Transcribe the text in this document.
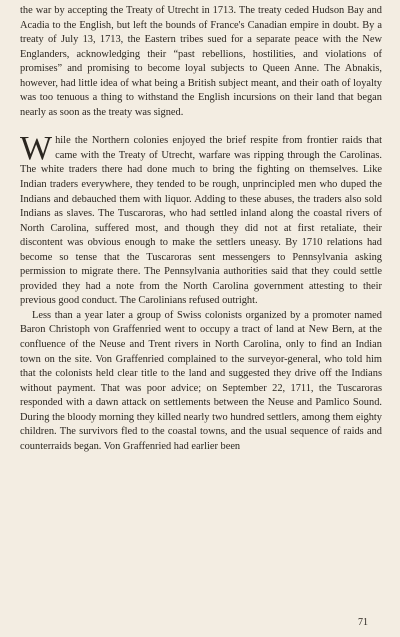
the war by accepting the Treaty of Utrecht in 1713. The treaty ceded Hudson Bay and Acadia to the English, but left the bounds of France's Canadian empire in doubt. By a treaty of July 13, 1713, the Eastern tribes sued for a separate peace with the New Englanders, acknowledging their “past rebellions, hostilities, and violations of promises” and promising to become loyal subjects to Queen Anne. The Abnakis, however, had little idea of what being a British subject meant, and their oath of loyalty was too tenuous a thing to withstand the English incursions on their land that began nearly as soon as the treaty was signed.

While the Northern colonies enjoyed the brief respite from frontier raids that came with the Treaty of Utrecht, warfare was ripping through the Carolinas. The white traders there had done much to bring the fighting on themselves. Like Indian traders everywhere, they tended to be rough, unprincipled men who duped the Indians and debauched them with liquor. Adding to these abuses, the traders also sold Indians as slaves. The Tuscaroras, who had settled inland along the coastal rivers of North Carolina, suffered most, and though they did not at first retaliate, their discontent was obvious enough to make the settlers uneasy. By 1710 relations had become so tense that the Tuscaroras sent messengers to Pennsylvania asking permission to migrate there. The Pennsylvania authorities said that they could settle provided they had a note from the North Carolina government attesting to their previous good conduct. The Carolinians refused outright.

Less than a year later a group of Swiss colonists organized by a promoter named Baron Christoph von Graffenried went to occupy a tract of land at New Bern, at the confluence of the Neuse and Trent rivers in North Carolina, only to find an Indian town on the site. Von Graffenried complained to the surveyor-general, who told him that the colonists held clear title to the land and suggested they drive off the Indians without payment. That was poor advice; on September 22, 1711, the Tuscaroras responded with a dawn attack on settlements between the Neuse and Pamlico Sound. During the bloody morning they killed nearly two hundred settlers, among them eighty children. The survivors fled to the coastal towns, and the usual sequence of raids and counterraids began. Von Graffenried had earlier been

71
